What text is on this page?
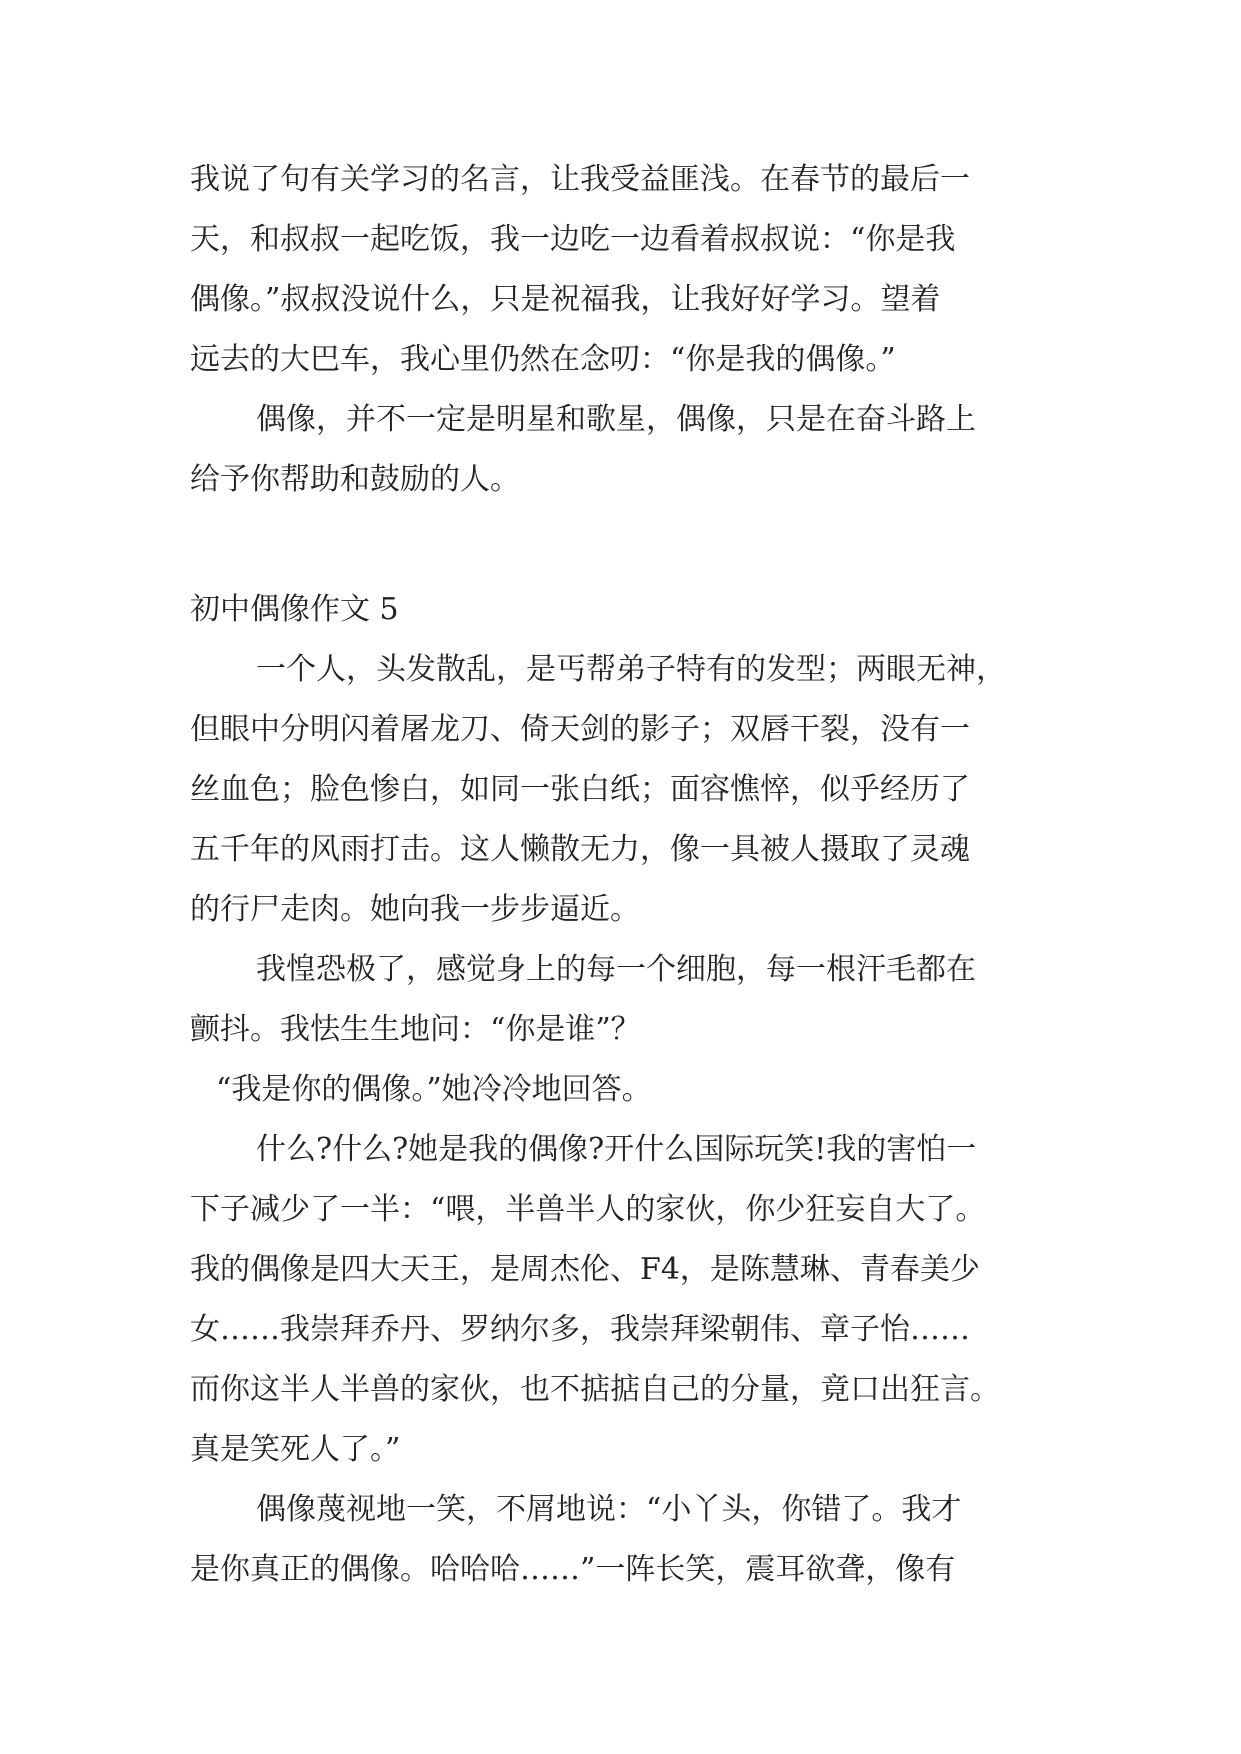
我说了句有关学习的名言，让我受益匪浅。在春节的最后一
天，和叔叔一起吃饭，我一边吃一边看着叔叔说：“你是我
偶像。”叔叔没说什么，只是祝福我，让我好好学习。望着
远去的大巴车，我心里仍然在念叨：“你是我的偶像。”
偶像，并不一定是明星和歌星，偶像，只是在奋斗路上
给予你帮助和鼓励的人。
初中偶像作文 5
一个人，头发散乱，是丐帮弟子特有的发型；两眼无神，
但眼中分明闪着屠龙刀、倚天剑的影子；双唇干裂，没有一
丝血色；脸色惨白，如同一张白纸；面容憔悴，似乎经历了
五千年的风雨打击。这人懒散无力，像一具被人摄取了灵魂
的行尸走肉。她向我一步步逼近。
我惶恐极了，感觉身上的每一个细胞，每一根汗毛都在
颤抖。我怯生生地问：“你是谁”？
“我是你的偶像。”她冷冷地回答。
什么?什么?她是我的偶像?开什么国际玩笑!我的害怕一
下子减少了一半：“喂，半兽半人的家伙，你少狂妄自大了。
我的偶像是四大天王，是周杰伦、F4，是陈慧琳、青春美少
女……我崇拜乔丹、罗纳尔多，我崇拜梁朝伟、章子怡……
而你这半人半兽的家伙，也不掂掂自己的分量，竟口出狂言。
真是笑死人了。”
偶像蔑视地一笑，不屑地说：“小丫头，你错了。我才
是你真正的偶像。哈哈哈……”一阵长笑，震耳欲聋，像有
